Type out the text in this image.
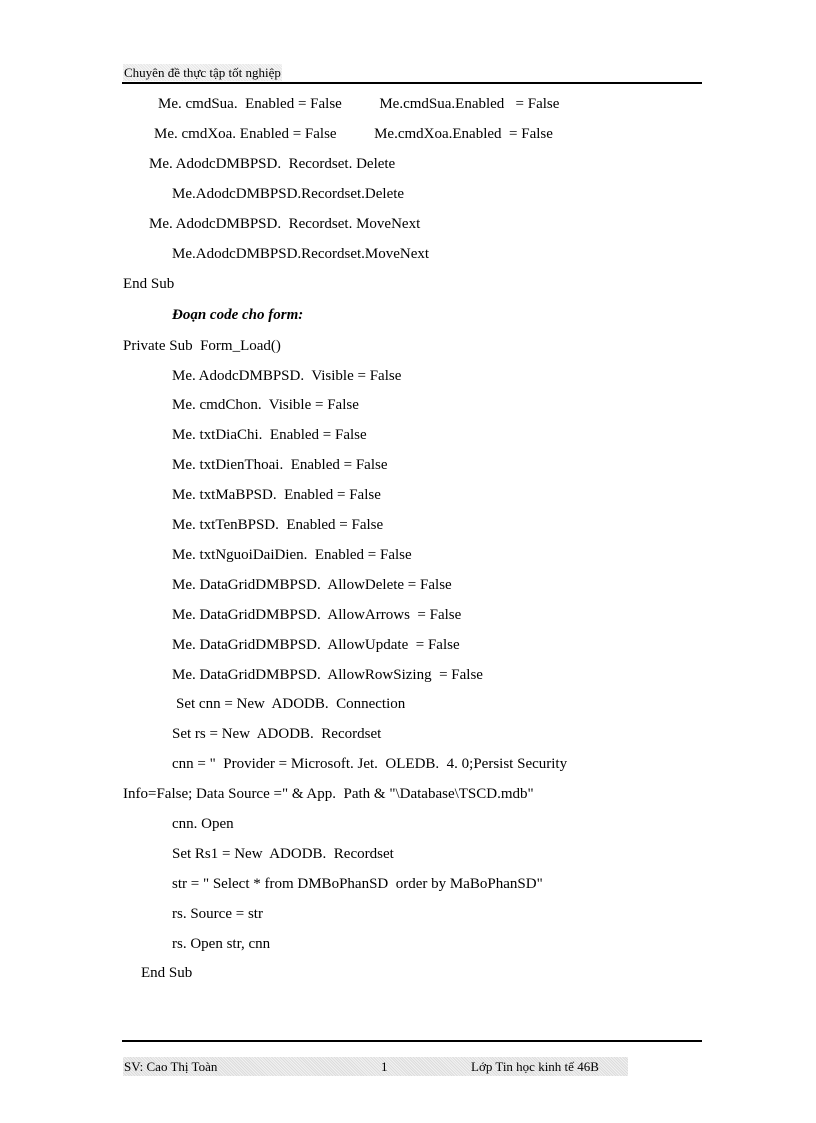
Chuyên đề thực tập tốt nghiệp
Me. cmdSua.  Enabled = False          Me.cmdSua.Enabled   = False
Me. cmdXoa. Enabled = False          Me.cmdXoa.Enabled  = False
Me. AdodcDMBPSD.  Recordset. Delete
Me.AdodcDMBPSD.Recordset.Delete
Me. AdodcDMBPSD.  Recordset. MoveNext
Me.AdodcDMBPSD.Recordset.MoveNext
End Sub
Đoạn code cho form:
Private Sub  Form_Load()
Me. AdodcDMBPSD.  Visible = False
Me. cmdChon.  Visible = False
Me. txtDiaChi.  Enabled = False
Me. txtDienThoai.  Enabled = False
Me. txtMaBPSD.  Enabled = False
Me. txtTenBPSD.  Enabled = False
Me. txtNguoiDaiDien.  Enabled = False
Me. DataGridDMBPSD.  AllowDelete = False
Me. DataGridDMBPSD.  AllowArrows  = False
Me. DataGridDMBPSD.  AllowUpdate  = False
Me. DataGridDMBPSD.  AllowRowSizing  = False
Set cnn = New  ADODB.  Connection
Set rs = New  ADODB.  Recordset
cnn = "  Provider = Microsoft. Jet.  OLEDB.  4. 0;Persist Security
Info=False; Data Source =" & App.  Path & "\Database\TSCD.mdb"
cnn. Open
Set Rs1 = New  ADODB.  Recordset
str = " Select * from DMBoPhanSD  order by MaBoPhanSD"
rs. Source = str
rs. Open str, cnn
End Sub
SV: Cao Thị Toàn	1	Lớp Tin học kinh tế 46B
